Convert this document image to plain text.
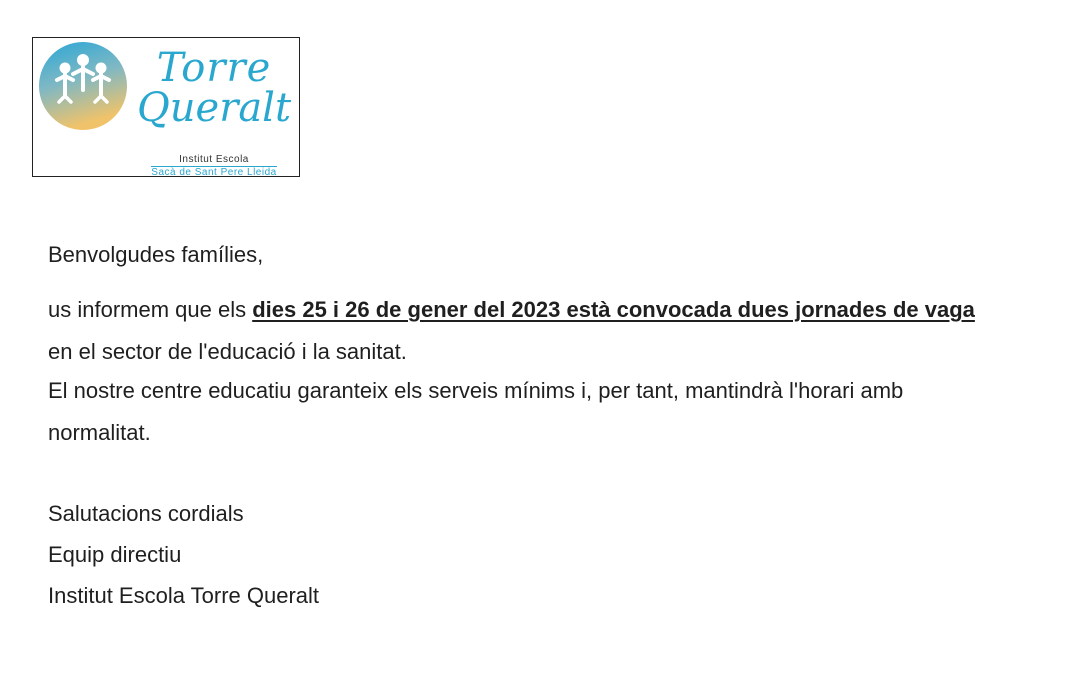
Torre
Queralt
Institut Escola
Sacà de Sant Pere Lleida
Benvolgudes famílies,
us informem que els dies 25 i 26 de gener del 2023 està convocada dues jornades de vaga
en el sector de l'educació i la sanitat.
El nostre centre educatiu garanteix els serveis mínims i, per tant, mantindrà l'horari amb
normalitat.
Salutacions cordials
Equip directiu
Institut Escola Torre Queralt
